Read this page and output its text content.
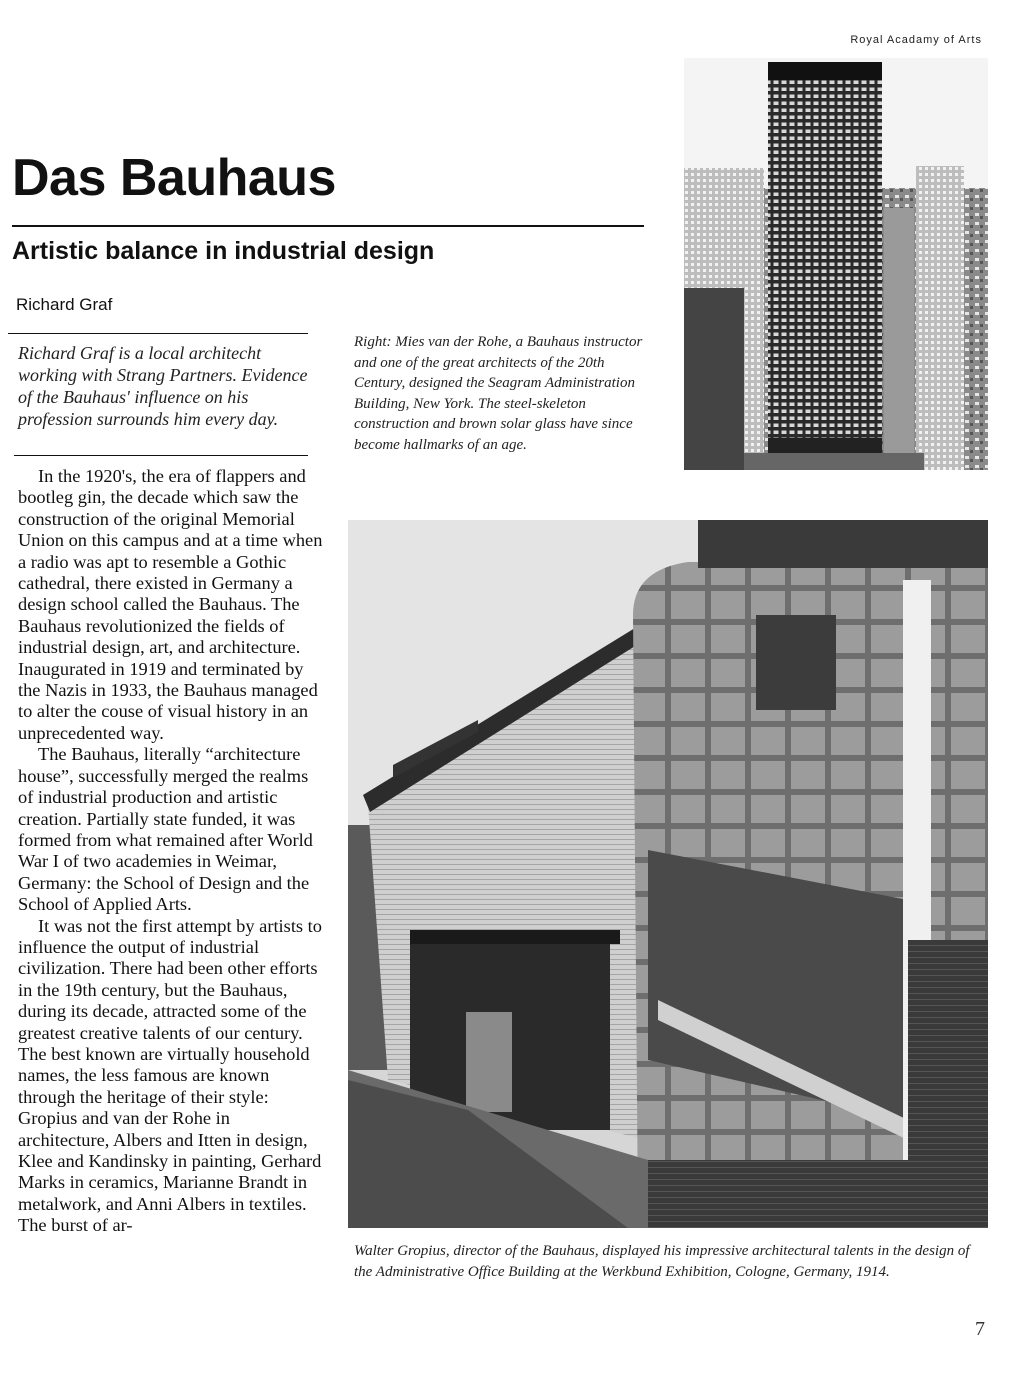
Royal Acadamy of Arts
Das Bauhaus
Artistic balance in industrial design
Richard Graf
Richard Graf is a local architecht working with Strang Partners. Evidence of the Bauhaus' influence on his profession surrounds him every day.

In the 1920's, the era of flappers and bootleg gin, the decade which saw the construction of the original Memorial Union on this campus and at a time when a radio was apt to resemble a Gothic cathedral, there existed in Germany a design school called the Bauhaus. The Bauhaus revolutionized the fields of industrial design, art, and architecture. Inaugurated in 1919 and terminated by the Nazis in 1933, the Bauhaus managed to alter the couse of visual history in an unprecedented way.

The Bauhaus, literally “architecture house”, successfully merged the realms of industrial production and artistic creation. Partially state funded, it was formed from what remained after World War I of two academies in Weimar, Germany: the School of Design and the School of Applied Arts.

It was not the first attempt by artists to influence the output of industrial civilization. There had been other efforts in the 19th century, but the Bauhaus, during its decade, attracted some of the greatest creative talents of our century. The best known are virtually household names, the less famous are known through the heritage of their style: Gropius and van der Rohe in architecture, Albers and Itten in design, Klee and Kandinsky in painting, Gerhard Marks in ceramics, Marianne Brandt in metalwork, and Anni Albers in textiles. The burst of ar-

Right: Mies van der Rohe, a Bauhaus instructor and one of the great architects of the 20th Century, designed the Seagram Administration Building, New York. The steel-skeleton construction and brown solar glass have since become hallmarks of an age.
Walter Gropius, director of the Bauhaus, displayed his impressive architectural talents in the design of the Administrative Office Building at the Werkbund Exhibition, Cologne, Germany, 1914.
7
